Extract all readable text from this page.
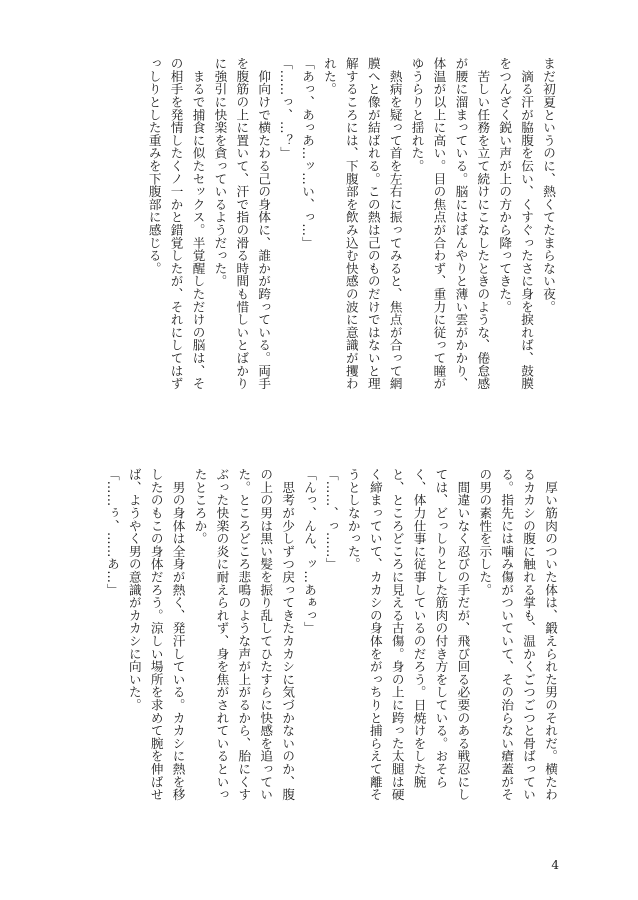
まだ初夏というのに、熱くてたまらない夜。
　滴る汗が脇腹を伝い、くすぐったさに身を捩れば、鼓膜
をつんざく鋭い声が上の方から降ってきた。
　苦しい任務を立て続けにこなしたときのような、倦怠感
が腰に溜まっている。脳にはぼんやりと薄い雲がかかり、
体温が以上に高い。目の焦点が合わず、重力に従って瞳が
ゆうらりと揺れた。
　熱病を疑って首を左右に振ってみると、焦点が合って網
膜へと像が結ばれる。この熱は己のものだけではないと理
解するころには、下腹部を飲み込む快感の波に意識が攫わ
れた。
「あっ、あっあ…ッ…い、っ…」
「……っ、…？」
　仰向けで横たわる己の身体に、誰かが跨っている。両手
を腹筋の上に置いて、汗で指の滑る時間も惜しいとばかり
に強引に快楽を貪っているようだった。
　まるで捕食に似たセックス。半覚醒しただけの脳は、そ
の相手を発情したくノ一かと錯覚したが、それにしてはず
っしりとした重みを下腹部に感じる。
　厚い筋肉のついた体は、鍛えられた男のそれだ。横たわ
るカカシの腹に触れる掌も、温かくごつごつと骨ばってい
る。指先には噛み傷がついていて、その治らない瘡蓋がそ
の男の素性を示した。
　間違いなく忍びの手だが、飛び回る必要のある戦忍にし
ては、どっしりとした筋肉の付き方をしている。おそら
く、体力仕事に従事しているのだろう。日焼けをした腕
と、ところどころに見える古傷。身の上に跨った太腿は硬
く締まっていて、カカシの身体をがっちりと捕らえて離そ
うとしなかった。
「……、っ……」
「んっ、んん、ッ…あぁっ」
　思考が少しずつ戻ってきたカカシに気づかないのか、腹
の上の男は黒い髪を振り乱してひたすらに快感を追ってい
た。ところどころ悲鳴のような声が上がるから、胎にくす
ぶった快楽の炎に耐えられず、身を焦がされているといっ
たところか。
　男の身体は全身が熱く、発汗している。カカシに熱を移
したのもこの身体だろう。涼しい場所を求めて腕を伸ばせ
ば、ようやく男の意識がカカシに向いた。
「……ぅ、……あ…」
4
